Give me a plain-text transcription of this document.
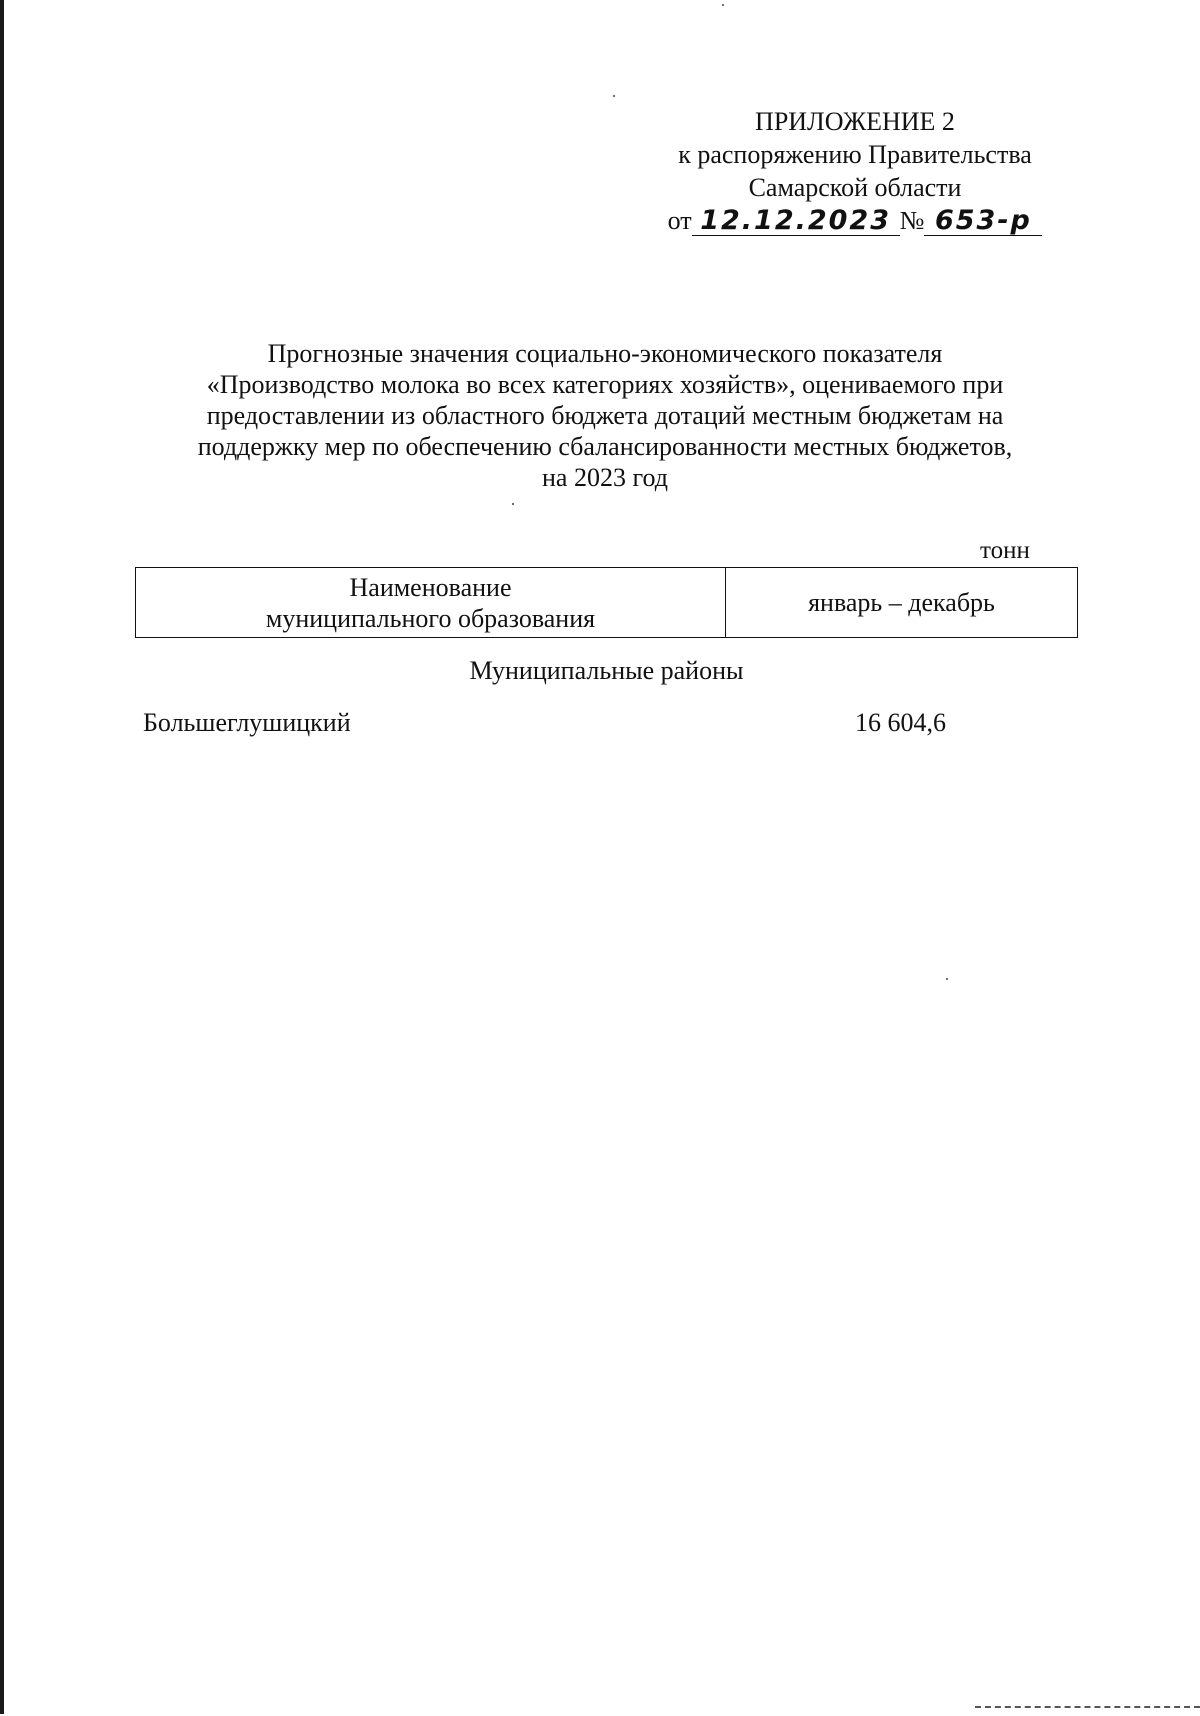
ПРИЛОЖЕНИЕ 2
к распоряжению Правительства
Самарской области
от 12.12.2023 № 653-р
Прогнозные значения социально-экономического показателя
«Производство молока во всех категориях хозяйств», оцениваемого при
предоставлении из областного бюджета дотаций местным бюджетам на
поддержку мер по обеспечению сбалансированности местных бюджетов,
на 2023 год
тонн
Наименование
муниципального образования
январь – декабрь
Муниципальные районы
Большеглушицкий	16 604,6
